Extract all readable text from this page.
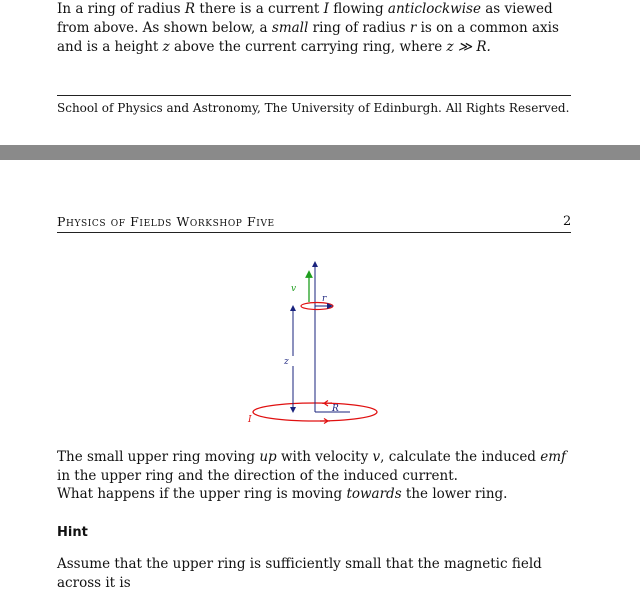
In a ring of radius R there is a current I flowing anticlockwise as viewed from above. As shown below, a small ring of radius r is on a common axis and is a height z above the current carrying ring, where z ≫ R.

School of Physics and Astronomy, The University of Edinburgh. All Rights Reserved.

Physics of Fields Workshop Five	2

v
r
z
R
I

The small upper ring moving up with velocity v, calculate the induced emf in the upper ring and the direction of the induced current.

What happens if the upper ring is moving towards the lower ring.

Hint

Assume that the upper ring is sufficiently small that the magnetic field across it is
